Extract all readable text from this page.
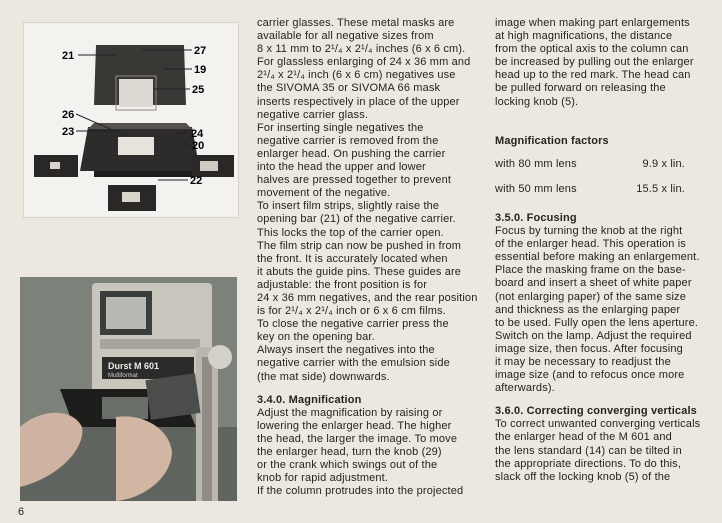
21	27
19
25
26
23	24
20
22
Durst M 601
Multiformat
carrier glasses. These metal masks are
available for all negative sizes from
8 x 11 mm to 2¹/₄ x 2¹/₄ inches (6 x 6 cm).
For glassless enlarging of 24 x 36 mm and
2¹/₄ x 2¹/₄ inch (6 x 6 cm) negatives use
the SIVOMA 35 or SIVOMA 66 mask
inserts respectively in place of the upper
negative carrier glass.
For inserting single negatives the
negative carrier is removed from the
enlarger head. On pushing the carrier
into the head the upper and lower
halves are pressed together to prevent
movement of the negative.
To insert film strips, slightly raise the
opening bar (21) of the negative carrier.
This locks the top of the carrier open.
The film strip can now be pushed in from
the front. It is accurately located when
it abuts the guide pins. These guides are
adjustable: the front position is for
24 x 36 mm negatives, and the rear position
is for 2¹/₄ x 2¹/₄ inch or 6 x 6 cm films.
To close the negative carrier press the
key on the opening bar.
Always insert the negatives into the
negative carrier with the emulsion side
(the mat side) downwards.
3.4.0. Magnification
Adjust the magnification by raising or
lowering the enlarger head. The higher
the head, the larger the image. To move
the enlarger head, turn the knob (29)
or the crank which swings out of the
knob for rapid adjustment.
If the column protrudes into the projected
image when making part enlargements
at high magnifications, the distance
from the optical axis to the column can
be increased by pulling out the enlarger
head up to the red mark. The head can
be pulled forward on releasing the
locking knob (5).
Magnification factors
with 80 mm lens	9.9 x lin.
with 50 mm lens	15.5 x lin.
3.5.0. Focusing
Focus by turning the knob at the right
of the enlarger head. This operation is
essential before making an enlargement.
Place the masking frame on the base-
board and insert a sheet of white paper
(not enlarging paper) of the same size
and thickness as the enlarging paper
to be used. Fully open the lens aperture.
Switch on the lamp. Adjust the required
image size, then focus. After focusing
it may be necessary to readjust the
image size (and to refocus once more
afterwards).
3.6.0. Correcting converging verticals
To correct unwanted converging verticals
the enlarger head of the M 601 and
the lens standard (14) can be tilted in
the appropriate directions. To do this,
slack off the locking knob (5) of the
6
